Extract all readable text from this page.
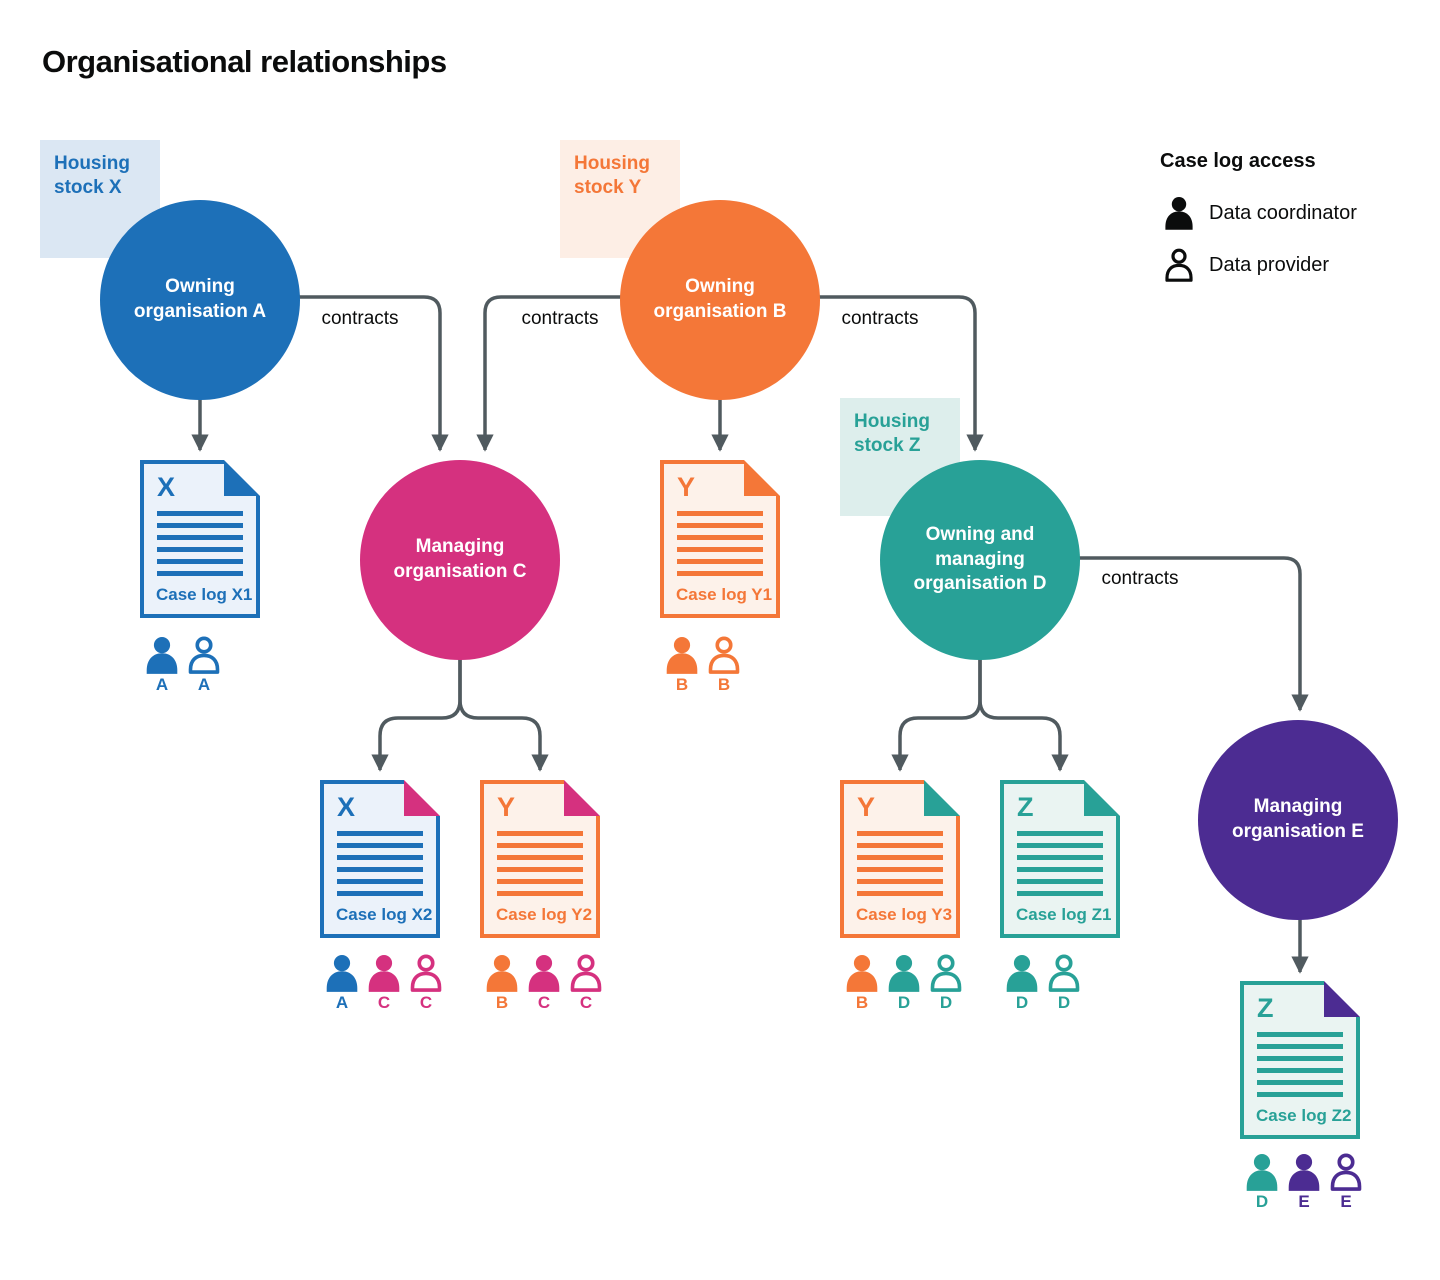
Organisational relationships
Housing stock X
Housing stock Y
Housing stock Z
contracts	contracts	contracts
contracts
Owning organisation A
Owning organisation B
Managing organisation C
Owning and managing organisation D
Managing organisation E
X
Case log X1
A A
Y
Case log Y1
B B
X
Case log X2
A C C
Y
Case log Y2
B C C
Y
Case log Y3
B D D
Z
Case log Z1
D D	Z
Case log Z2
D E E
Case log access
Data coordinator
Data provider
